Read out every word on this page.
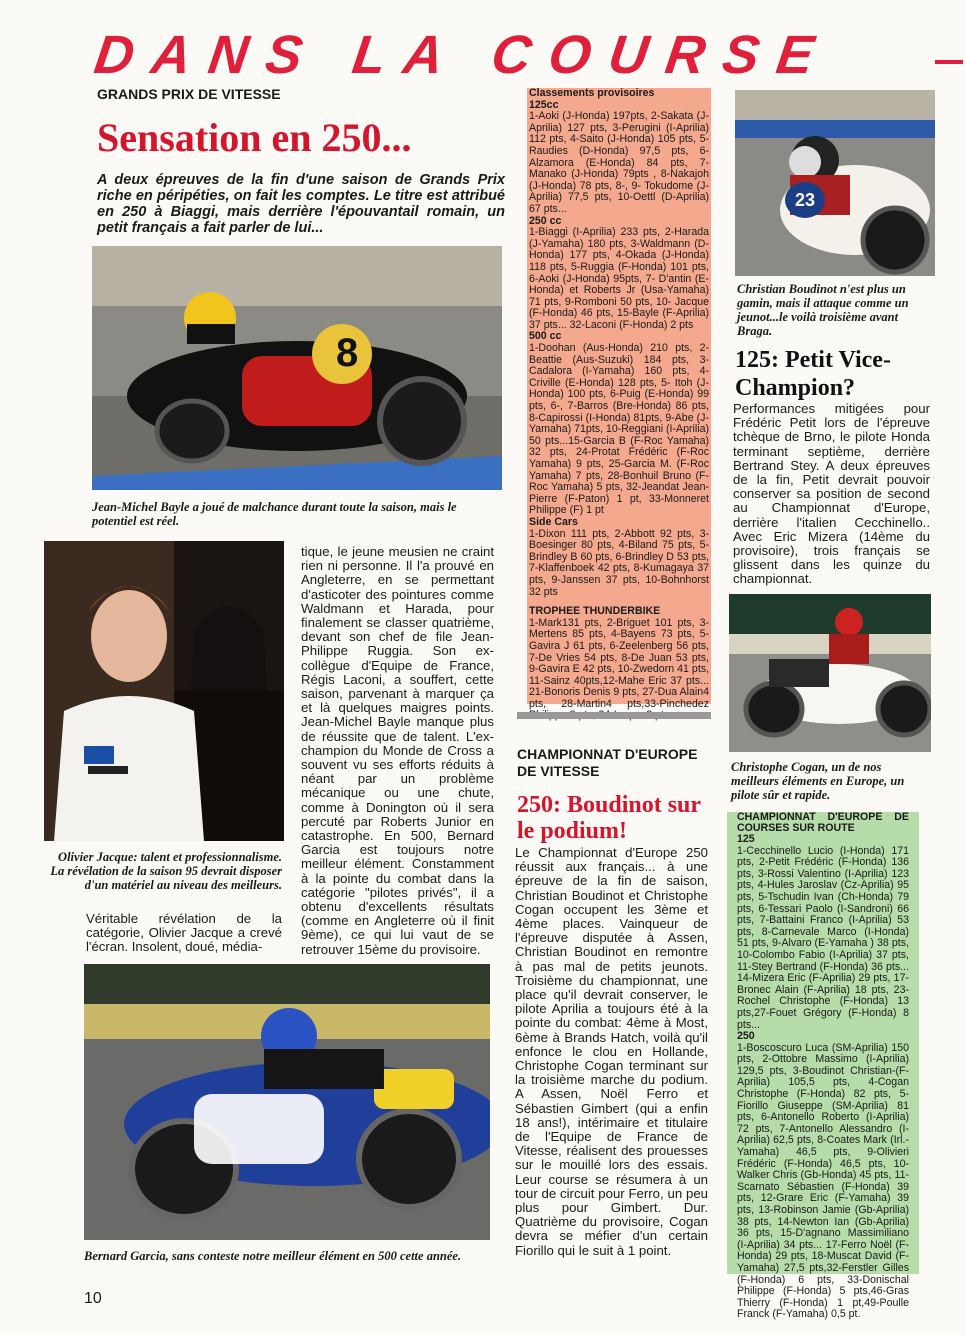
DANS LA COURSE
GRANDS PRIX DE VITESSE
Sensation en 250...
A deux épreuves de la fin d'une saison de Grands Prix riche en péripéties, on fait les comptes. Le titre est attribué en 250 à Biaggi, mais derrière l'épouvantail romain, un petit français a fait parler de lui...
8
Jean-Michel Bayle a joué de malchance durant toute la saison, mais le potentiel est réel.
Olivier Jacque: talent et professionnalisme. La révélation de la saison 95 devrait disposer d'un matériel au niveau des meilleurs.
Véritable révélation de la catégorie, Olivier Jacque a crevé l'écran. Insolent, doué, média-
tique, le jeune meusien ne craint rien ni personne. Il l'a prouvé en Angleterre, en se permettant d'asticoter des pointures comme Waldmann et Harada, pour finalement se classer quatrième, devant son chef de file Jean-Philippe Ruggia. Son ex-collègue d'Equipe de France, Régis Laconi, a souffert, cette saison, parvenant à marquer ça et là quelques maigres points. Jean-Michel Bayle manque plus de réussite que de talent. L'ex-champion du Monde de Cross a souvent vu ses efforts réduits à néant par un problème mécanique ou une chute, comme à Donington où il sera percuté par Roberts Junior en catastrophe. En 500, Bernard Garcia est toujours notre meilleur élément. Constamment à la pointe du combat dans la catégorie "pilotes privés", il a obtenu d'excellents résultats (comme en Angleterre où il finit 9ème), ce qui lui vaut de se retrouver 15ème du provisoire.
Bernard Garcia, sans conteste notre meilleur élément en 500 cette année.
10
Classements provisoires
125cc
1-Aoki (J-Honda) 197pts, 2-Sakata (J-Aprilia) 127 pts, 3-Perugini (I-Aprilia) 112 pts, 4-Saito (J-Honda) 105 pts, 5-Raudies (D-Honda) 97,5 pts, 6-Alzamora (E-Honda) 84 pts, 7-Manako (J-Honda) 79pts , 8-Nakajoh (J-Honda) 78 pts, 8-, 9- Tokudome (J-Aprilia) 77,5 pts, 10-Oettl (D-Aprilia) 67 pts...
250 cc
1-Biaggi (I-Aprilia) 233 pts, 2-Harada (J-Yamaha) 180 pts, 3-Waldmann (D-Honda) 177 pts, 4-Okada (J-Honda) 118 pts, 5-Ruggia (F-Honda) 101 pts, 6-Aoki (J-Honda) 95pts, 7- D'antin (E-Honda) et Roberts Jr (Usa-Yamaha) 71 pts, 9-Romboni 50 pts, 10- Jacque (F-Honda) 46 pts, 15-Bayle (F-Aprilia) 37 pts... 32-Laconi (F-Honda) 2 pts
500 cc
1-Doohan (Aus-Honda) 210 pts, 2-Beattie (Aus-Suzuki) 184 pts, 3-Cadalora (I-Yamaha) 160 pts, 4-Criville (E-Honda) 128 pts, 5- Itoh (J-Honda) 100 pts, 6-Puig (E-Honda) 99 pts, 6-, 7-Barros (Bre-Honda) 86 pts, 8-Capirossi (I-Honda) 81pts, 9-Abe (J-Yamaha) 71pts, 10-Reggiani (I-Aprilia) 50 pts...15-Garcia B (F-Roc Yamaha) 32 pts, 24-Protat Frédéric (F-Roc Yamaha) 9 pts, 25-Garcia M. (F-Roc Yamaha) 7 pts, 28-Bonhuil Bruno (F-Roc Yamaha) 5 pts, 32-Jeandat Jean-Pierre (F-Paton) 1 pt, 33-Monneret Philippe (F) 1 pt
Side Cars
1-Dixon 111 pts, 2-Abbott 92 pts, 3-Boesinger 80 pts, 4-Biland 75 pts, 5-Brindley B 60 pts, 6-Brindley D 53 pts, 7-Klaffenboek 42 pts, 8-Kumagaya 37 pts, 9-Janssen 37 pts, 10-Bohnhorst 32 pts
TROPHEE THUNDERBIKE
1-Mark131 pts, 2-Briguet 101 pts, 3-Mertens 85 pts, 4-Bayens 73 pts, 5-Gavira J 61 pts, 6-Zeelenberg 56 pts, 7-De Vries 54 pts, 8-De Juan 53 pts, 9-Gavira E 42 pts, 10-Zwedorn 41 pts, 11-Sainz 40pts,12-Mahe Eric 37 pts... 21-Bonoris Denis 9 pts, 27-Dua Alain4 pts, 28-Martin4 pts,33-Pinchedez
CHAMPIONNAT D'EUROPE DE VITESSE
250: Boudinot sur le podium!
Le Championnat d'Europe 250 réussit aux français... à une épreuve de la fin de saison, Christian Boudinot et Christophe Cogan occupent les 3ème et 4ème places. Vainqueur de l'épreuve disputée à Assen, Christian Boudinot en remontre à pas mal de petits jeunots. Troisième du championnat, une place qu'il devrait conserver, le pilote Aprilia a toujours été à la pointe du combat: 4ème à Most, 6ème à Brands Hatch, voilà qu'il enfonce le clou en Hollande, Christophe Cogan terminant sur la troisième marche du podium. A Assen, Noël Ferro et Sébastien Gimbert (qui a enfin 18 ans!), intérimaire et titulaire de l'Equipe de France de Vitesse, réalisent des prouesses sur le mouillé lors des essais. Leur course se résumera à un tour de circuit pour Ferro, un peu plus pour Gimbert. Dur. Quatrième du provisoire, Cogan devra se méfier d'un certain Fiorillo qui le suit à 1 point.
23
Christian Boudinot n'est plus un gamin, mais il attaque comme un jeunot...le voilà troisième avant Braga.
125: Petit Vice-Champion?
Performances mitigées pour Frédéric Petit lors de l'épreuve tchèque de Brno, le pilote Honda terminant septième, derrière Bertrand Stey. A deux épreuves de la fin, Petit devrait pouvoir conserver sa position de second au Championnat d'Europe, derrière l'italien Cecchinello.. Avec Eric Mizera (14ème du provisoire), trois français se glissent dans les quinze du championnat.
Christophe Cogan, un de nos meilleurs éléments en Europe, un pilote sûr et rapide.
CHAMPIONNAT D'EUROPE DE COURSES SUR ROUTE
125
1-Cecchinello Lucio (I-Honda) 171 pts, 2-Petit Frédéric (F-Honda) 136 pts, 3-Rossi Valentino (I-Aprilia) 123 pts, 4-Hules Jaroslav (Cz-Aprilia) 95 pts, 5-Tschudin Ivan (Ch-Honda) 79 pts, 6-Tessari Paolo (I-Sandroni) 66 pts, 7-Battaini Franco (I-Aprilia) 53 pts, 8-Carnevale Marco (I-Honda) 51 pts, 9-Alvaro (E-Yamaha ) 38 pts, 10-Colombo Fabio (I-Aprilia) 37 pts, 11-Stey Bertrand (F-Honda) 36 pts... 14-Mizera Eric (F-Aprilia) 29 pts, 17-Bronec Alain (F-Aprilia) 18 pts, 23-Rochel Christophe (F-Honda) 13 pts,27-Fouet Grégory (F-Honda) 8 pts...
250
1-Boscoscuro Luca (SM-Aprilia) 150 pts, 2-Ottobre Massimo (I-Aprilia) 129,5 pts, 3-Boudinot Christian-(F-Aprilia) 105,5 pts, 4-Cogan Christophe (F-Honda) 82 pts, 5-Fiorillo Giuseppe (SM-Aprilia) 81 pts, 6-Antonello Roberto (I-Aprilia) 72 pts, 7-Antonello Alessandro (I-Aprilia) 62,5 pts, 8-Coates Mark (Irl.-Yamaha) 46,5 pts, 9-Olivieri Frédéric (F-Honda) 46,5 pts, 10-Walker Chris (Gb-Honda) 45 pts, 11-Scarnato Sébastien (F-Honda) 39 pts, 12-Grare Eric (F-Yamaha) 39 pts, 13-Robinson Jamie (Gb-Aprilia) 38 pts, 14-Newton Ian (Gb-Aprilia) 36 pts, 15-D'agnano Massimiliano (I-Aprilia) 34 pts... 17-Ferro Noël (F-Honda) 29 pts, 18-Muscat David (F-Yamaha) 27,5 pts,32-Ferstler Gilles (F-Honda) 6 pts, 33-Donischal Philippe (F-Honda) 5 pts,46-Gras Thierry (F-Honda) 1 pt,49-Poulle Franck (F-Yamaha) 0,5 pt.
